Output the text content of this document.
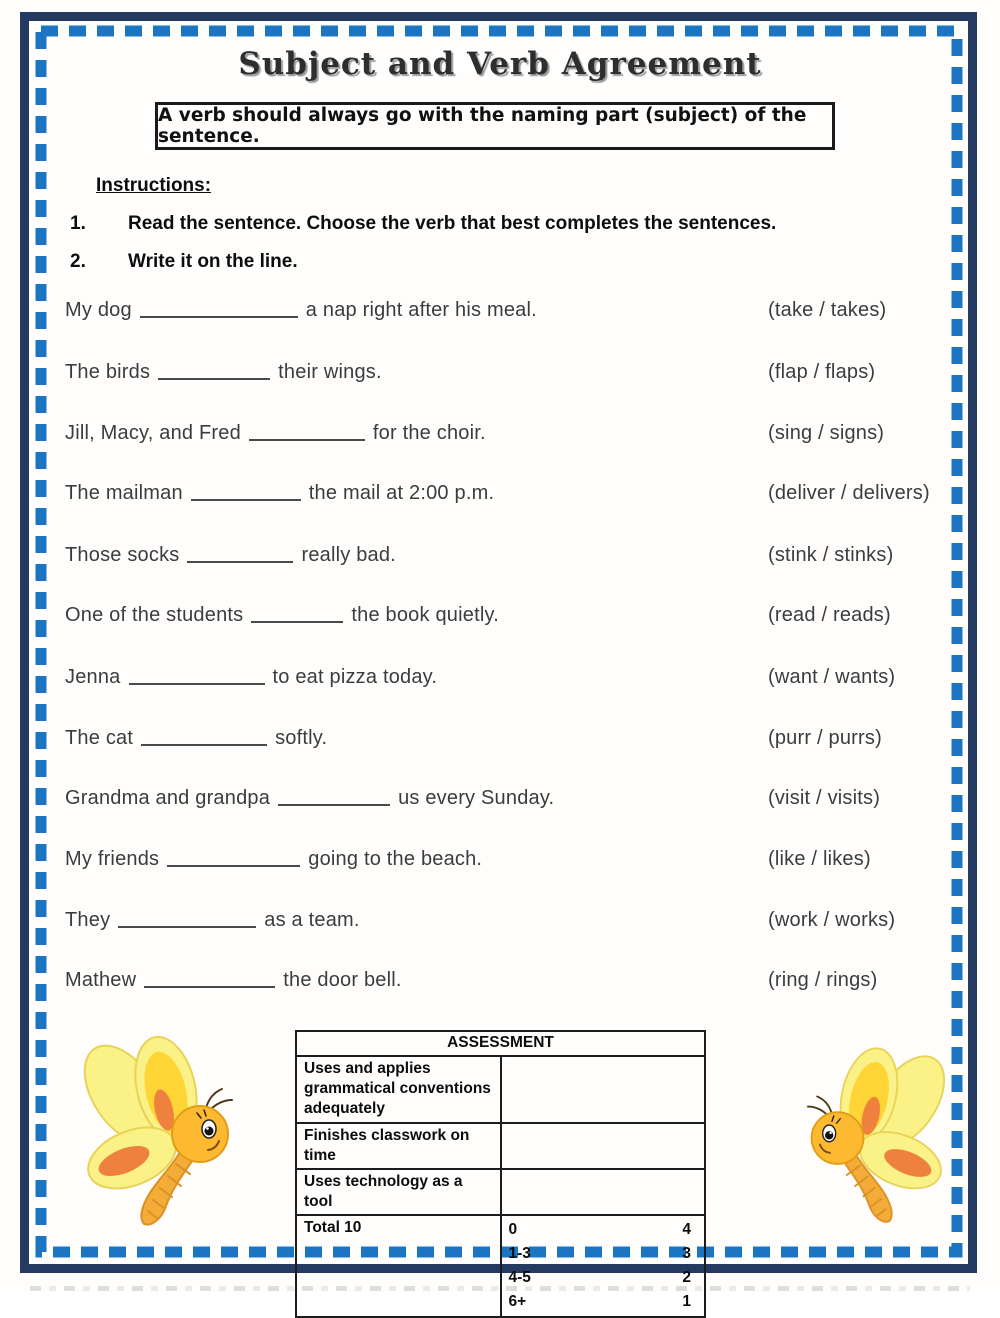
Subject and Verb Agreement
A verb should always go with the naming part (subject) of the sentence.
Instructions:
1. Read the sentence. Choose the verb that best completes the sentences.
2. Write it on the line.
My dog	a nap right after his meal.	(take / takes)
The birds	their wings.	(flap / flaps)
Jill, Macy, and Fred	for the choir.	(sing / signs)
The mailman	the mail at 2:00 p.m.	(deliver / delivers)
Those socks	really bad.	(stink / stinks)
One of the students	the book quietly.	(read / reads)
Jenna	to eat pizza today.	(want / wants)
The cat	softly.	(purr / purrs)
Grandma and grandpa	us every Sunday.	(visit / visits)
My friends	going to the beach.	(like / likes)
They	as a team.	(work / works)
Mathew	the door bell.	(ring / rings)
ASSESSMENT	
Uses and applies grammatical conventions adequately	
Finishes classwork on time	
Uses technology as a tool	
Total 10	0	4
1-3	3
4-5	2
6+	1
